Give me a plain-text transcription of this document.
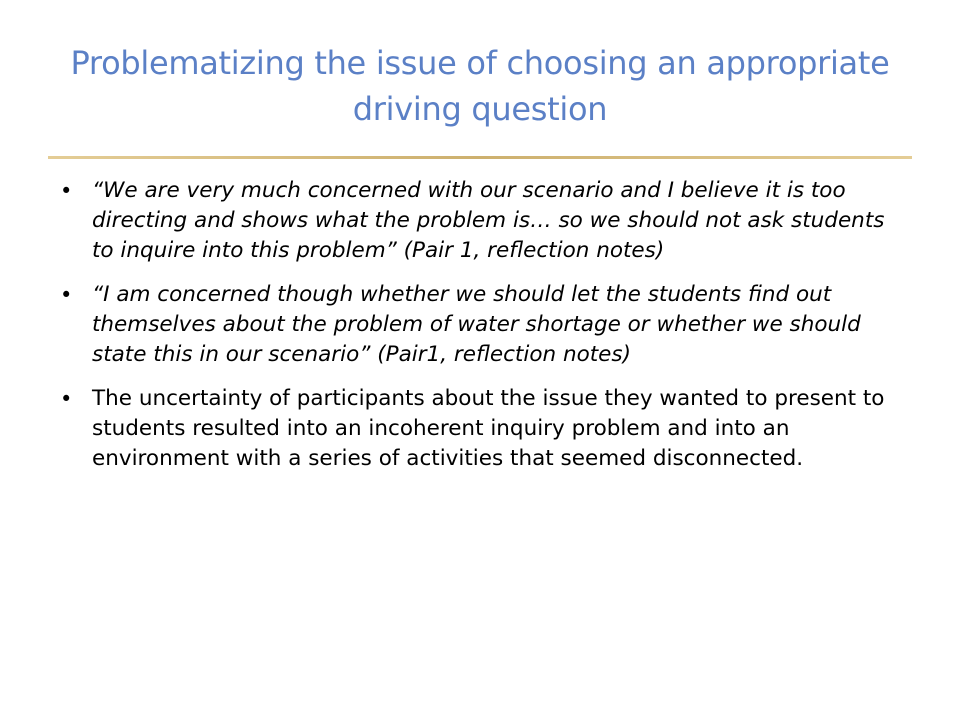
Problematizing the issue of choosing an appropriate driving question
• “We are very much concerned with our scenario and I believe it is too directing and shows what the problem is… so we should not ask students to inquire into this problem” (Pair 1, reflection notes)
• “I am concerned though whether we should let the students find out themselves about the problem of water shortage or whether we should state this in our scenario” (Pair1, reflection notes)
• The uncertainty of participants about the issue they wanted to present to students resulted into an incoherent inquiry problem and into an environment with a series of activities that seemed disconnected.
